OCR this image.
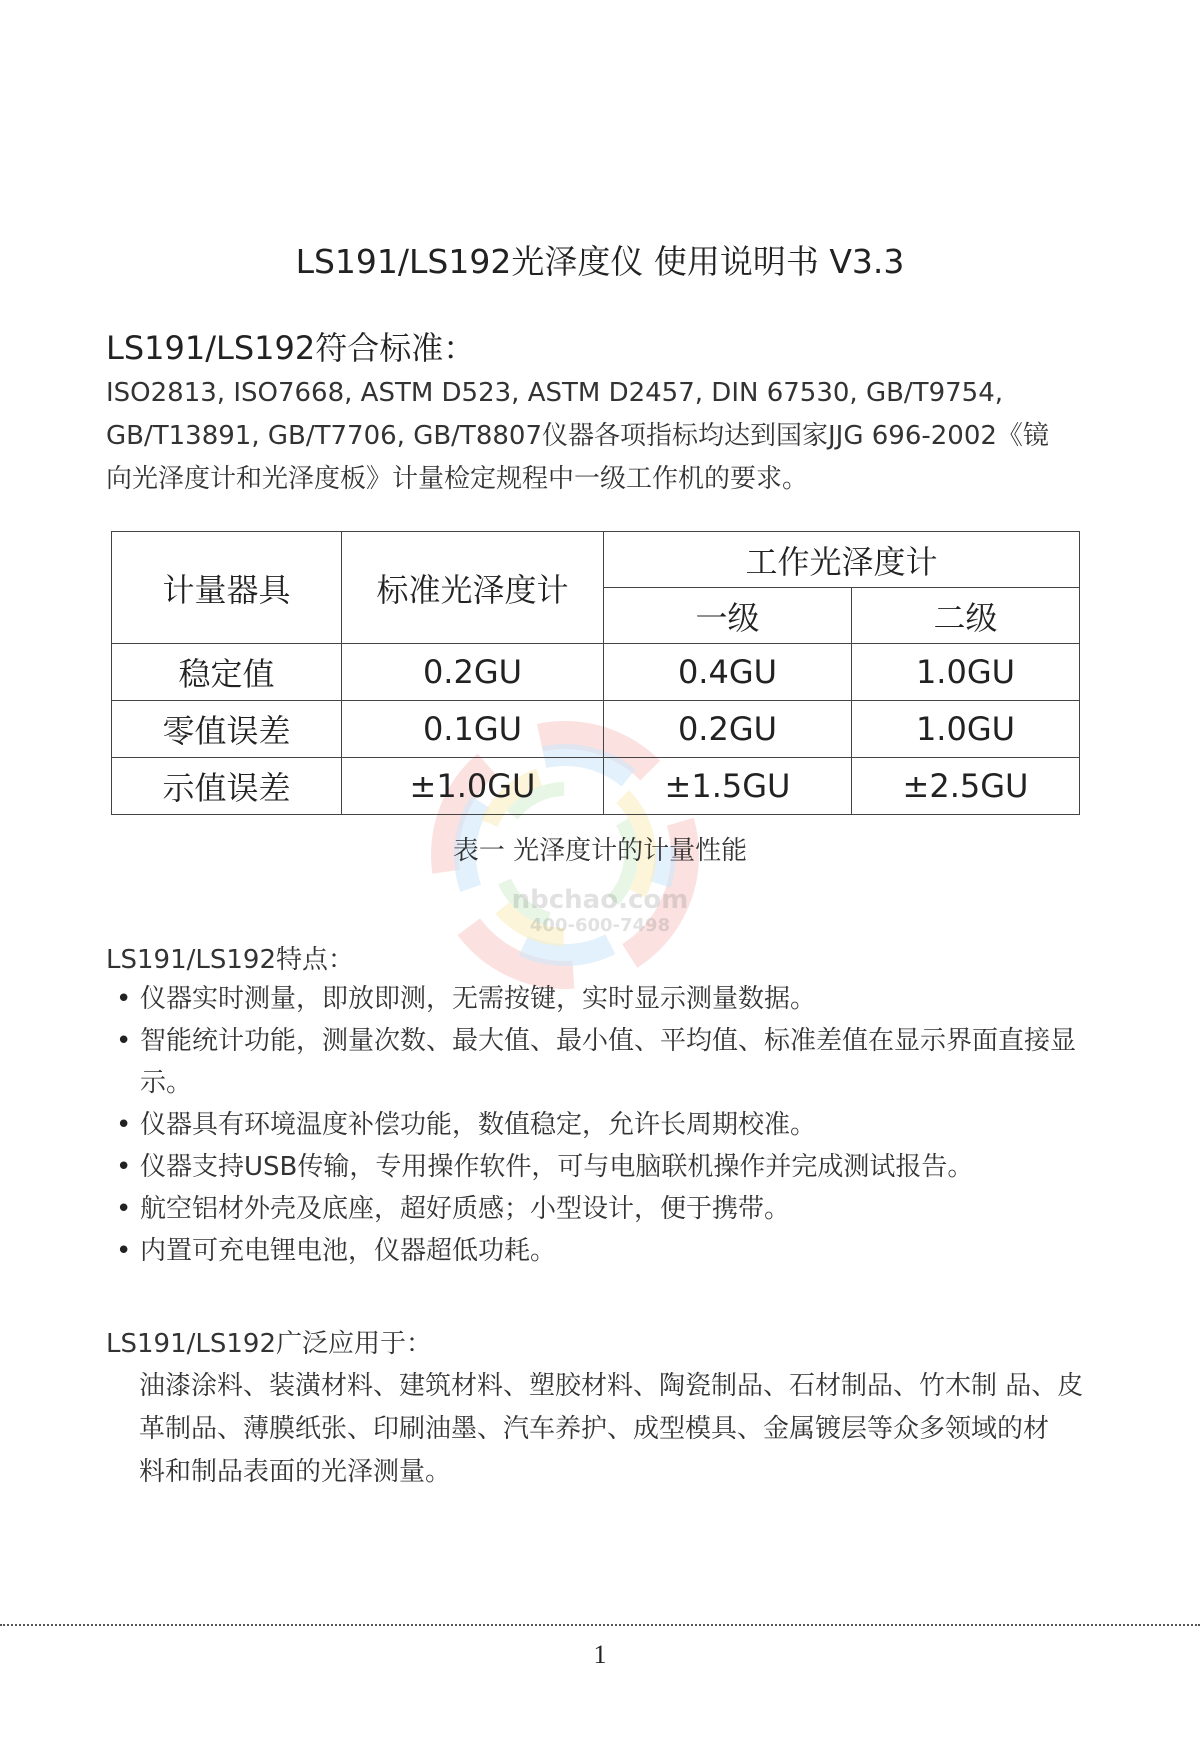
nbchao.com
400-600-7498
LS191/LS192光泽度仪 使用说明书 V3.3
LS191/LS192符合标准：
ISO2813, ISO7668, ASTM D523, ASTM D2457, DIN 67530, GB/T9754,
GB/T13891, GB/T7706, GB/T8807仪器各项指标均达到国家JJG 696-2002《镜
向光泽度计和光泽度板》计量检定规程中一级工作机的要求。
计量器具	标准光泽度计	工作光泽度计	
		一级	二级
稳定值	0.2GU	0.4GU	1.0GU
零值误差	0.1GU	0.2GU	1.0GU
示值误差	±1.0GU	±1.5GU	±2.5GU
表一 光泽度计的计量性能
LS191/LS192特点：
• 仪器实时测量，即放即测，无需按键，实时显示测量数据。
• 智能统计功能，测量次数、最大值、最小值、平均值、标准差值在显示界面直接显示。
• 仪器具有环境温度补偿功能，数值稳定，允许长周期校准。
• 仪器支持USB传输，专用操作软件，可与电脑联机操作并完成测试报告。
• 航空铝材外壳及底座，超好质感；小型设计，便于携带。
• 内置可充电锂电池，仪器超低功耗。
LS191/LS192广泛应用于：
油漆涂料、装潢材料、建筑材料、塑胶材料、陶瓷制品、石材制品、竹木制 品、皮
革制品、薄膜纸张、印刷油墨、汽车养护、成型模具、金属镀层等众多领域的材
料和制品表面的光泽测量。
1
